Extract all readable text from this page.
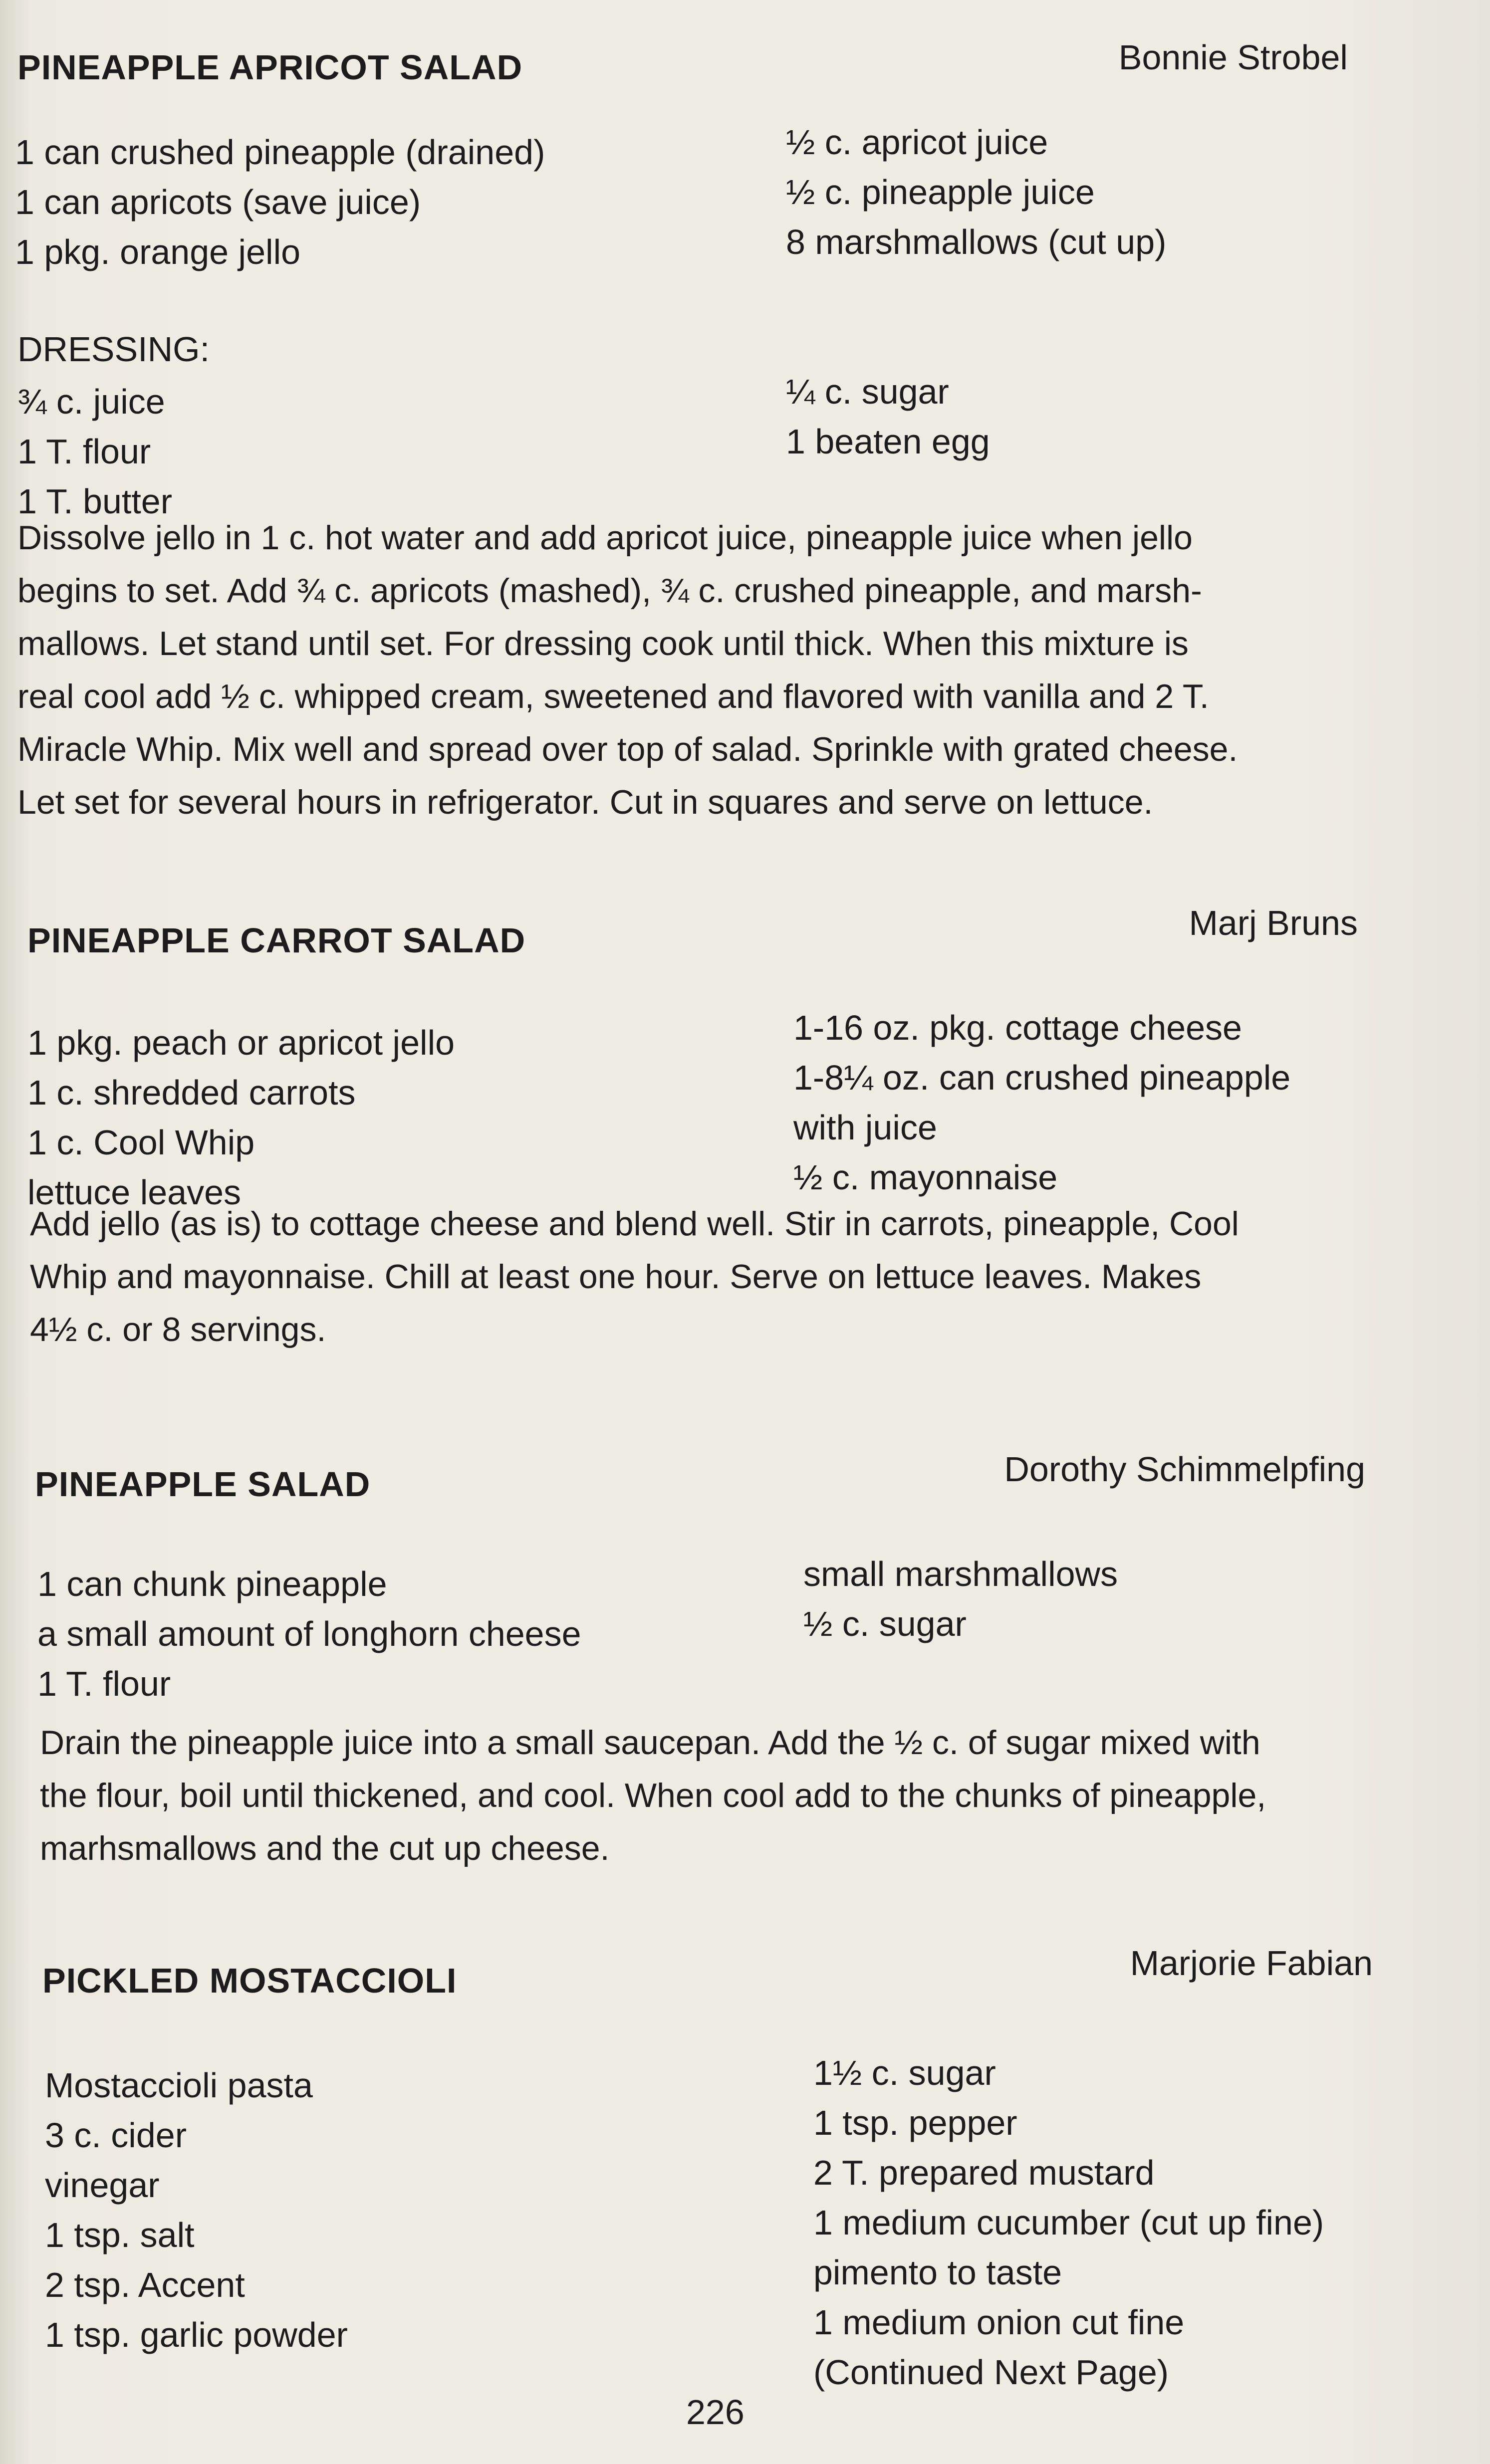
PINEAPPLE APRICOT SALAD	Bonnie Strobel
1 can crushed pineapple (drained)
1 can apricots (save juice)
1 pkg. orange jello
½ c. apricot juice
½ c. pineapple juice
8 marshmallows (cut up)
DRESSING:
¾ c. juice
1 T. flour
1 T. butter
¼ c. sugar
1 beaten egg
Dissolve jello in 1 c. hot water and add apricot juice, pineapple juice when jello
begins to set. Add ¾ c. apricots (mashed), ¾ c. crushed pineapple, and marsh-
mallows. Let stand until set. For dressing cook until thick. When this mixture is
real cool add ½ c. whipped cream, sweetened and flavored with vanilla and 2 T.
Miracle Whip. Mix well and spread over top of salad. Sprinkle with grated cheese.
Let set for several hours in refrigerator. Cut in squares and serve on lettuce.
PINEAPPLE CARROT SALAD	Marj Bruns
1 pkg. peach or apricot jello
1 c. shredded carrots
1 c. Cool Whip
lettuce leaves
1-16 oz. pkg. cottage cheese
1-8¼ oz. can crushed pineapple
with juice
½ c. mayonnaise
Add jello (as is) to cottage cheese and blend well. Stir in carrots, pineapple, Cool
Whip and mayonnaise. Chill at least one hour. Serve on lettuce leaves. Makes
4½ c. or 8 servings.
PINEAPPLE SALAD	Dorothy Schimmelpfing
1 can chunk pineapple
a small amount of longhorn cheese
1 T. flour
small marshmallows
½ c. sugar
Drain the pineapple juice into a small saucepan. Add the ½ c. of sugar mixed with
the flour, boil until thickened, and cool. When cool add to the chunks of pineapple,
marhsmallows and the cut up cheese.
PICKLED MOSTACCIOLI	Marjorie Fabian
Mostaccioli pasta
3 c. cider
vinegar
1 tsp. salt
2 tsp. Accent
1 tsp. garlic powder
1½ c. sugar
1 tsp. pepper
2 T. prepared mustard
1 medium cucumber (cut up fine)
pimento to taste
1 medium onion cut fine
(Continued Next Page)
226
